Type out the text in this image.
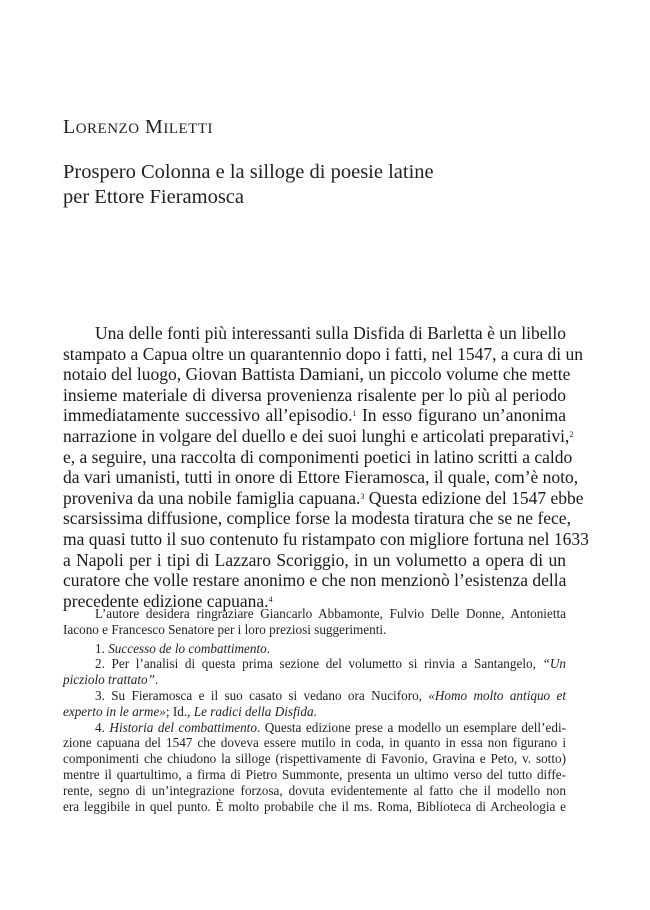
LORENZO MILETTI
Prospero Colonna e la silloge di poesie latine
per Ettore Fieramosca
Una delle fonti più interessanti sulla Disfida di Barletta è un libello
stampato a Capua oltre un quarantennio dopo i fatti, nel 1547, a cura di un
notaio del luogo, Giovan Battista Damiani, un piccolo volume che mette
insieme materiale di diversa provenienza risalente per lo più al periodo
immediatamente successivo all’episodio.$^1$ In esso figurano un’anonima
narrazione in volgare del duello e dei suoi lunghi e articolati preparativi,$^2$
e, a seguire, una raccolta di componimenti poetici in latino scritti a caldo
da vari umanisti, tutti in onore di Ettore Fieramosca, il quale, com’è noto,
proveniva da una nobile famiglia capuana.$^3$ Questa edizione del 1547 ebbe
scarsissima diffusione, complice forse la modesta tiratura che se ne fece,
ma quasi tutto il suo contenuto fu ristampato con migliore fortuna nel 1633
a Napoli per i tipi di Lazzaro Scoriggio, in un volumetto a opera di un
curatore che volle restare anonimo e che non menzionò l’esistenza della
precedente edizione capuana.$^4$
L’autore desidera ringraziare Giancarlo Abbamonte, Fulvio Delle Donne, Antonietta
Iacono e Francesco Senatore per i loro preziosi suggerimenti.
1. Successo de lo combattimento.
2. Per l’analisi di questa prima sezione del volumetto si rinvia a Santangelo, “Un
picziolo trattato”.
3. Su Fieramosca e il suo casato si vedano ora Nuciforo, «Homo molto antiquo et
experto in le arme»; Id., Le radici della Disfida.
4. Historia del combattimento. Questa edizione prese a modello un esemplare dell’edi-
zione capuana del 1547 che doveva essere mutilo in coda, in quanto in essa non figurano i
componimenti che chiudono la silloge (rispettivamente di Favonio, Gravina e Peto, v. sotto)
mentre il quartultimo, a firma di Pietro Summonte, presenta un ultimo verso del tutto diffe-
rente, segno di un’integrazione forzosa, dovuta evidentemente al fatto che il modello non
era leggibile in quel punto. È molto probabile che il ms. Roma, Biblioteca di Archeologia e
